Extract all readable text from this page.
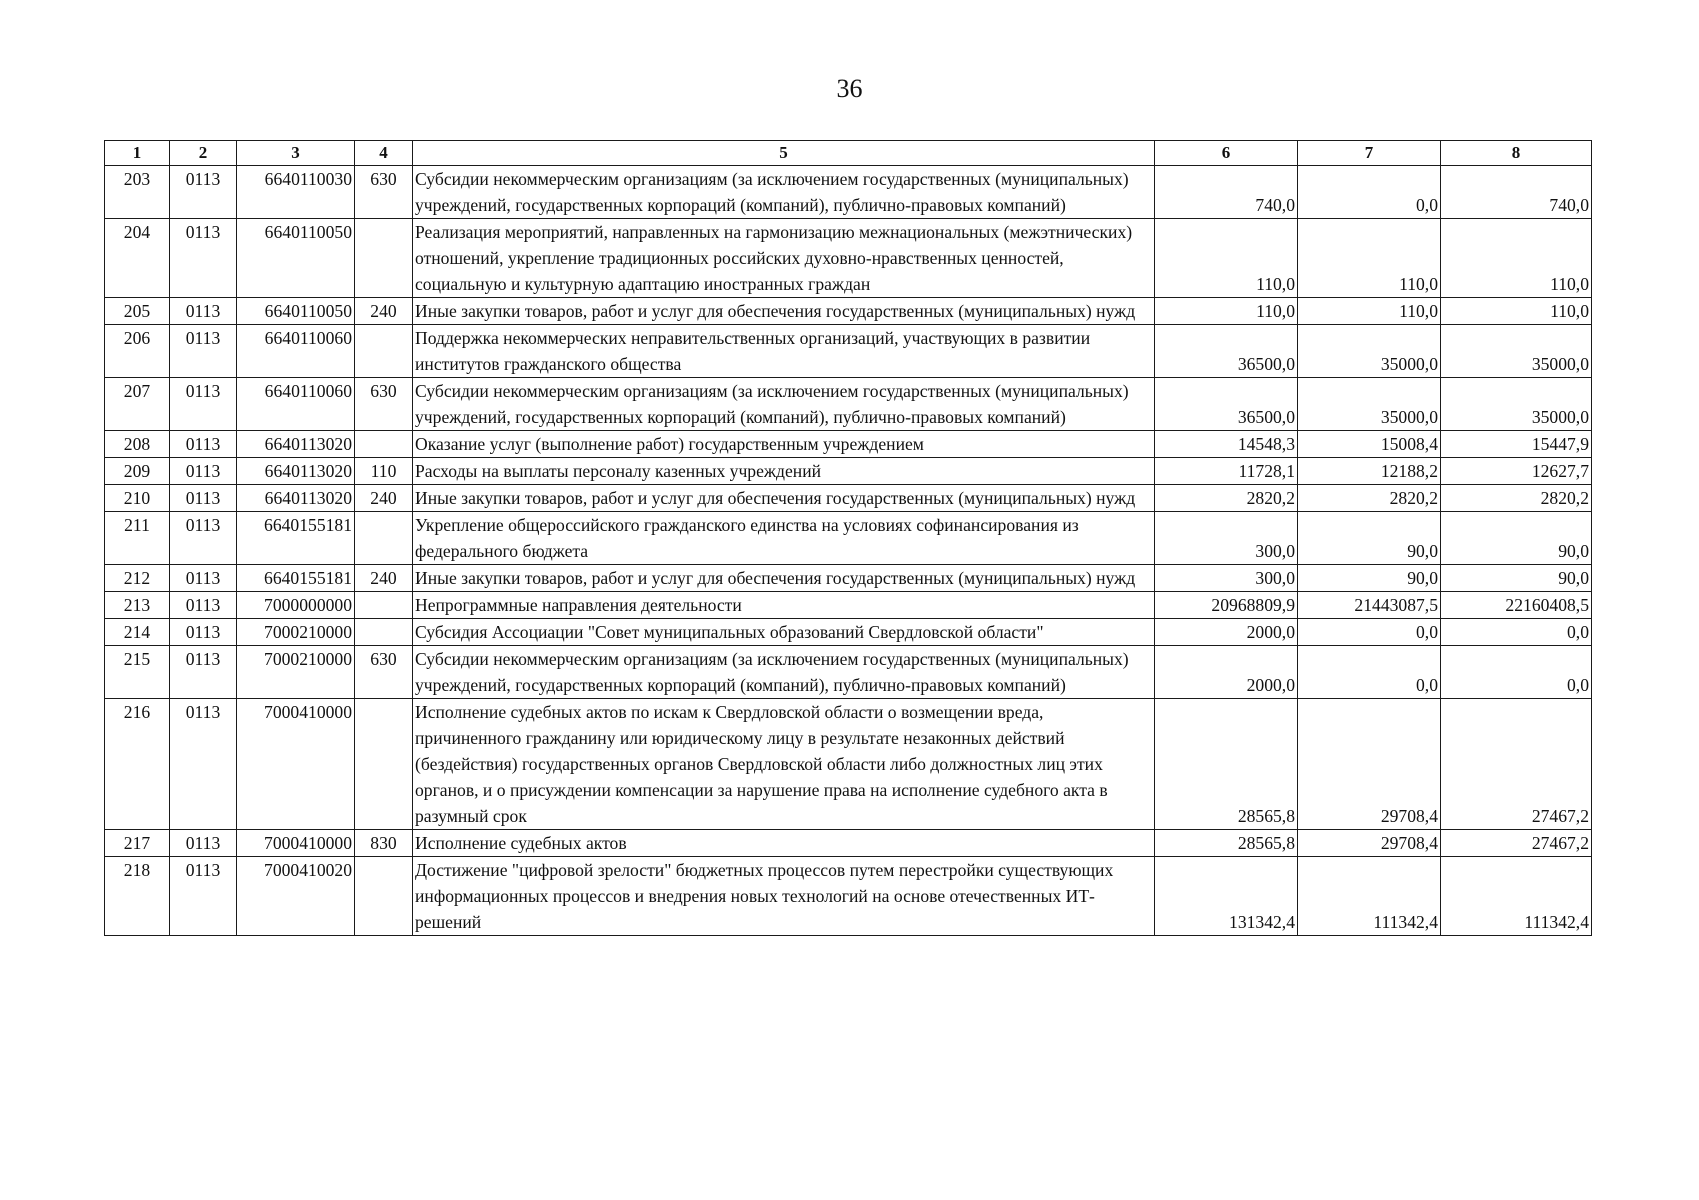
36
1	2	3	4	5	6	7	8
203	0113	6640110030	630	Субсидии некоммерческим организациям (за исключением государственных (муниципальных) учреждений, государственных корпораций (компаний), публично-правовых компаний)	740,0	0,0	740,0
204	0113	6640110050		Реализация мероприятий, направленных на гармонизацию межнациональных (межэтнических) отношений, укрепление традиционных российских духовно-нравственных ценностей, социальную и культурную адаптацию иностранных граждан	110,0	110,0	110,0
205	0113	6640110050	240	Иные закупки товаров, работ и услуг для обеспечения государственных (муниципальных) нужд	110,0	110,0	110,0
206	0113	6640110060		Поддержка некоммерческих неправительственных организаций, участвующих в развитии институтов гражданского общества	36500,0	35000,0	35000,0
207	0113	6640110060	630	Субсидии некоммерческим организациям (за исключением государственных (муниципальных) учреждений, государственных корпораций (компаний), публично-правовых компаний)	36500,0	35000,0	35000,0
208	0113	6640113020		Оказание услуг (выполнение работ) государственным учреждением	14548,3	15008,4	15447,9
209	0113	6640113020	110	Расходы на выплаты персоналу казенных учреждений	11728,1	12188,2	12627,7
210	0113	6640113020	240	Иные закупки товаров, работ и услуг для обеспечения государственных (муниципальных) нужд	2820,2	2820,2	2820,2
211	0113	6640155181		Укрепление общероссийского гражданского единства на условиях софинансирования из федерального бюджета	300,0	90,0	90,0
212	0113	6640155181	240	Иные закупки товаров, работ и услуг для обеспечения государственных (муниципальных) нужд	300,0	90,0	90,0
213	0113	7000000000		Непрограммные направления деятельности	20968809,9	21443087,5	22160408,5
214	0113	7000210000		Субсидия Ассоциации "Совет муниципальных образований Свердловской области"	2000,0	0,0	0,0
215	0113	7000210000	630	Субсидии некоммерческим организациям (за исключением государственных (муниципальных) учреждений, государственных корпораций (компаний), публично-правовых компаний)	2000,0	0,0	0,0
216	0113	7000410000		Исполнение судебных актов по искам к Свердловской области о возмещении вреда, причиненного гражданину или юридическому лицу в результате незаконных действий (бездействия) государственных органов Свердловской области либо должностных лиц этих органов, и о присуждении компенсации за нарушение права на исполнение судебного акта в разумный срок	28565,8	29708,4	27467,2
217	0113	7000410000	830	Исполнение судебных актов	28565,8	29708,4	27467,2
218	0113	7000410020		Достижение "цифровой зрелости" бюджетных процессов путем перестройки существующих информационных процессов и внедрения новых технологий на основе отечественных ИТ-решений	131342,4	111342,4	111342,4
